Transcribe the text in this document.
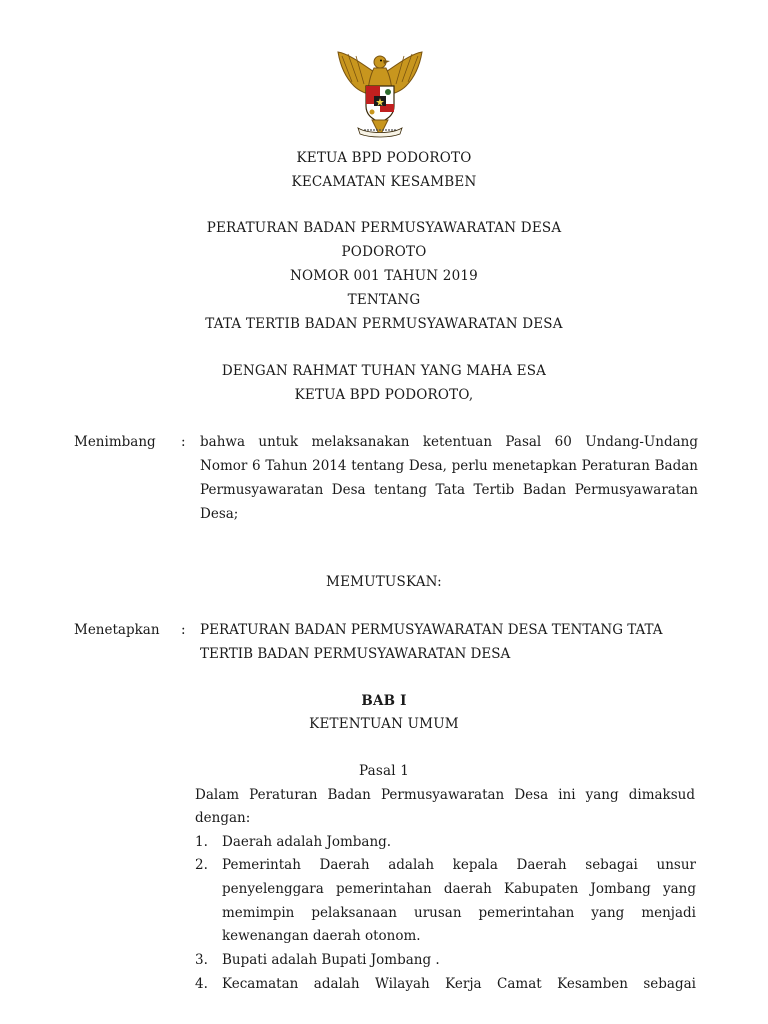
KETUA BPD PODOROTO
KECAMATAN KESAMBEN
PERATURAN BADAN PERMUSYAWARATAN DESA
PODOROTO
NOMOR 001 TAHUN 2019
TENTANG
TATA TERTIB BADAN PERMUSYAWARATAN DESA
DENGAN RAHMAT TUHAN YANG MAHA ESA
KETUA BPD PODOROTO,
Menimbang : bahwa untuk melaksanakan ketentuan Pasal 60 Undang-Undang
Nomor 6 Tahun 2014 tentang Desa, perlu menetapkan Peraturan Badan
Permusyawaratan Desa tentang Tata Tertib Badan Permusyawaratan
Desa;
MEMUTUSKAN:
Menetapkan : PERATURAN BADAN PERMUSYAWARATAN DESA TENTANG TATA
TERTIB BADAN PERMUSYAWARATAN DESA
BAB I
KETENTUAN UMUM
Pasal 1
Dalam Peraturan Badan Permusyawaratan Desa ini yang dimaksud
dengan:
1. Daerah adalah Jombang.
2. Pemerintah Daerah adalah kepala Daerah sebagai unsur
penyelenggara pemerintahan daerah Kabupaten Jombang yang
memimpin pelaksanaan urusan pemerintahan yang menjadi
kewenangan daerah otonom.
3. Bupati adalah Bupati Jombang .
4. Kecamatan adalah Wilayah Kerja Camat Kesamben sebagai
